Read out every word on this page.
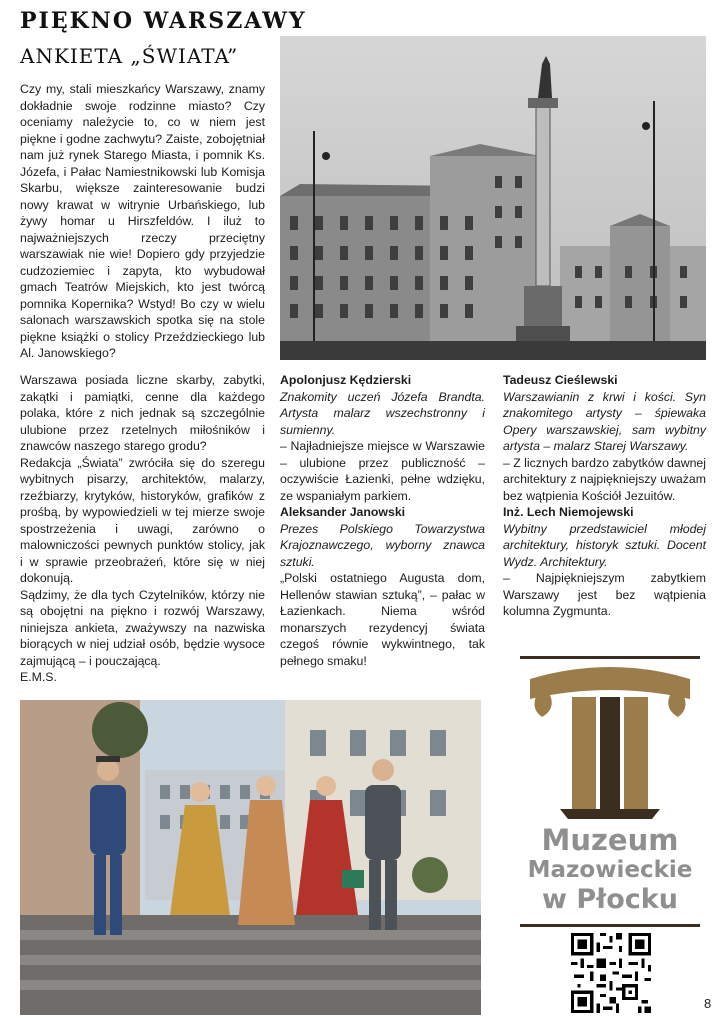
PIĘKNO WARSZAWY
ANKIETA „ŚWIATA”

Czy my, stali mieszkańcy Warszawy, znamy dokładnie swoje rodzinne miasto? Czy oceniamy należycie to, co w niem jest piękne i godne zachwytu? Zaiste, zobojętniał nam już rynek Starego Miasta, i pomnik Ks. Józefa, i Pałac Namiestnikowski lub Komisja Skarbu, większe zainteresowanie budzi nowy krawat w witrynie Urbańskiego, lub żywy homar u Hirszfeldów. I iluż to najważniejszych rzeczy przeciętny warszawiak nie wie! Dopiero gdy przyjedzie cudzoziemiec i zapyta, kto wybudował gmach Teatrów Miejskich, kto jest twórcą pomnika Kopernika? Wstyd! Bo czy w wielu salonach warszawskich spotka się na stole piękne książki o stolicy Przeździeckiego lub Al. Janowskiego?

Warszawa posiada liczne skarby, zabytki, zakątki i pamiątki, cenne dla każdego polaka, które z nich jednak są szczególnie ulubione przez rzetelnych miłośników i znawców naszego starego grodu?

Redakcja „Świata” zwróciła się do szeregu wybitnych pisarzy, architektów, malarzy, rzeźbiarzy, krytyków, historyków, grafików z prośbą, by wypowiedzieli w tej mierze swoje spostrzeżenia i uwagi, zarówno o malowniczości pewnych punktów stolicy, jak i w sprawie przeobrażeń, które się w niej dokonują.

Sądzimy, że dla tych Czytelników, którzy nie są obojętni na piękno i rozwój Warszawy, niniejsza ankieta, zważywszy na nazwiska biorących w niej udział osób, będzie wysoce zajmującą – i pouczającą.

E.M.S.

Apolonjusz Kędzierski

Znakomity uczeń Józefa Brandta. Artysta malarz wszechstronny i sumienny.

– Najładniejsze miejsce w Warszawie – ulubione przez publiczność – oczywiście Łazienki, pełne wdzięku, ze wspaniałym parkiem.

Aleksander Janowski

Prezes Polskiego Towarzystwa Krajoznawczego, wyborny znawca sztuki.

„Polski ostatniego Augusta dom, Hellenów stawian sztuką”, – pałac w Łazienkach. Niema wśród monarszych rezydencyj świata czegoś równie wykwintnego, tak pełnego smaku!

Tadeusz Cieślewski

Warszawianin z krwi i kości. Syn znakomitego artysty – śpiewaka Opery warszawskiej, sam wybitny artysta – malarz Starej Warszawy.

– Z licznych bardzo zabytków dawnej architektury z najpiękniejszy uważam bez wątpienia Kościół Jezuitów.

Inż. Lech Niemojewski

Wybitny przedstawiciel młodej architektury, historyk sztuki. Docent Wydz. Architektury.

– Najpiękniejszym zabytkiem Warszawy jest bez wątpienia kolumna Zygmunta.

Muzeum
Mazowieckie
w Płocku
8
